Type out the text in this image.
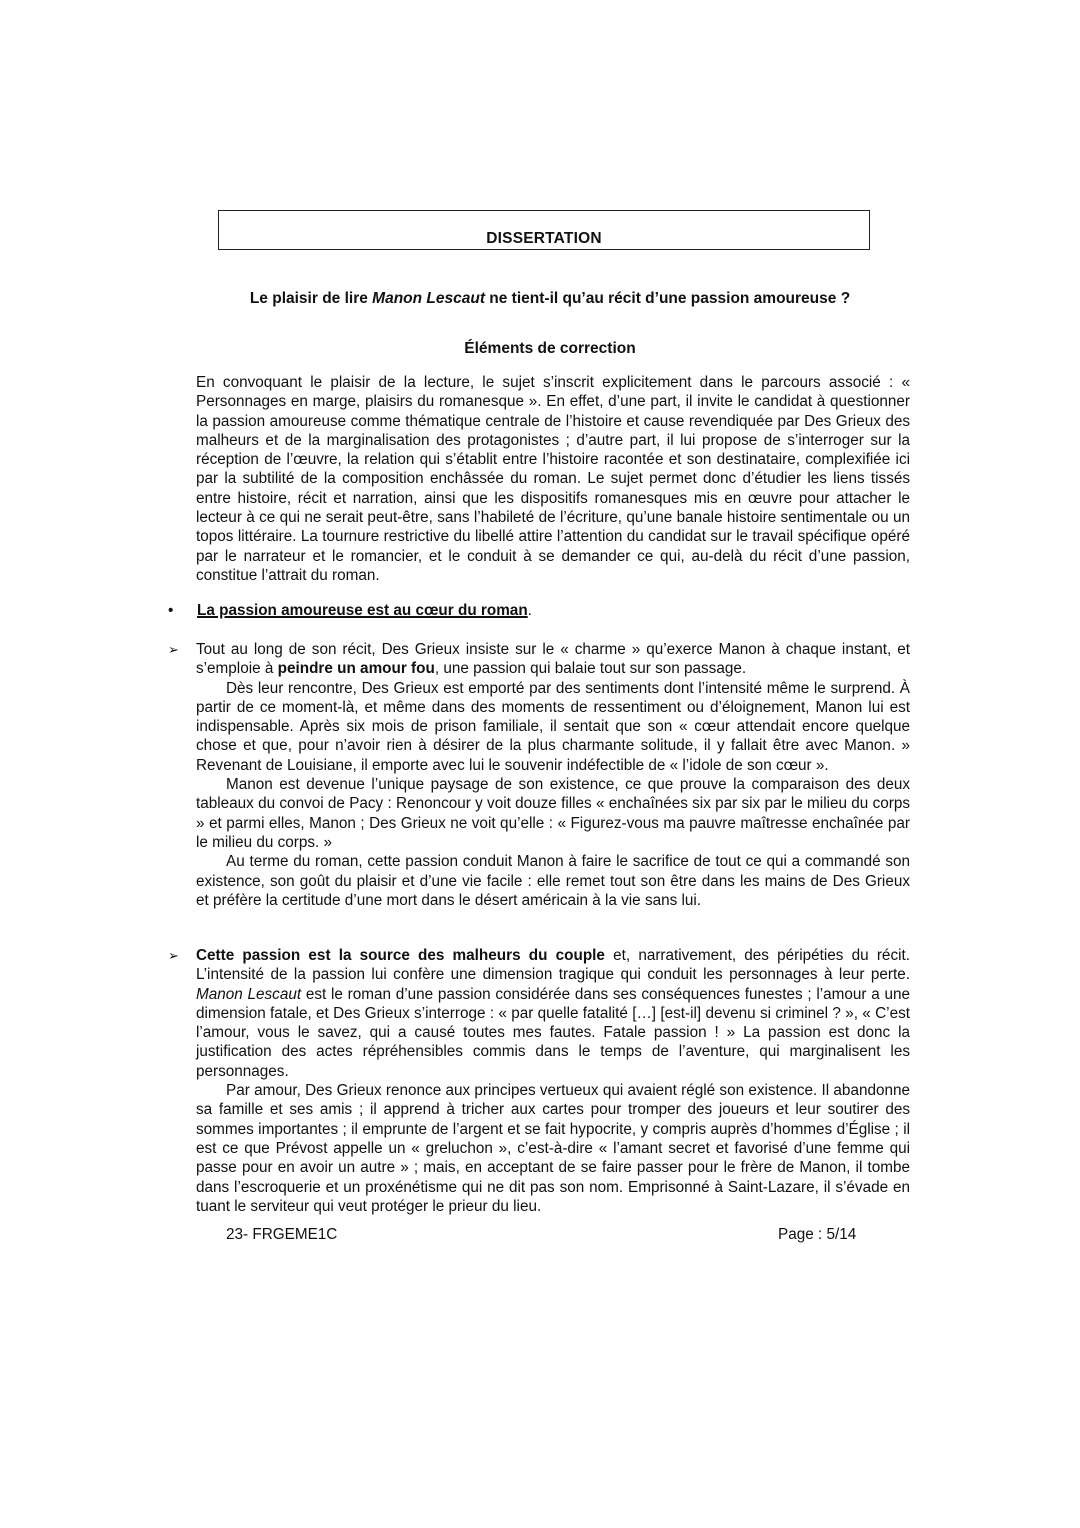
DISSERTATION
Le plaisir de lire Manon Lescaut ne tient-il qu’au récit d’une passion amoureuse ?
Éléments de correction

En convoquant le plaisir de la lecture, le sujet s’inscrit explicitement dans le parcours associé : « Personnages en marge, plaisirs du romanesque ». En effet, d’une part, il invite le candidat à questionner la passion amoureuse comme thématique centrale de l’histoire et cause revendiquée par Des Grieux des malheurs et de la marginalisation des protagonistes ; d’autre part, il lui propose de s’interroger sur la réception de l’œuvre, la relation qui s’établit entre l’histoire racontée et son destinataire, complexifiée ici par la subtilité de la composition enchâssée du roman. Le sujet permet donc d’étudier les liens tissés entre histoire, récit et narration, ainsi que les dispositifs romanesques mis en œuvre pour attacher le lecteur à ce qui ne serait peut-être, sans l’habileté de l’écriture, qu’une banale histoire sentimentale ou un topos littéraire. La tournure restrictive du libellé attire l’attention du candidat sur le travail spécifique opéré par le narrateur et le romancier, et le conduit à se demander ce qui, au-delà du récit d’une passion, constitue l’attrait du roman.

• La passion amoureuse est au cœur du roman.
➢	Tout au long de son récit, Des Grieux insiste sur le « charme » qu’exerce Manon à chaque instant, et s’emploie à peindre un amour fou, une passion qui balaie tout sur son passage.

Dès leur rencontre, Des Grieux est emporté par des sentiments dont l’intensité même le surprend. À partir de ce moment-là, et même dans des moments de ressentiment ou d’éloignement, Manon lui est indispensable. Après six mois de prison familiale, il sentait que son « cœur attendait encore quelque chose et que, pour n’avoir rien à désirer de la plus charmante solitude, il y fallait être avec Manon. » Revenant de Louisiane, il emporte avec lui le souvenir indéfectible de « l’idole de son cœur ».

Manon est devenue l’unique paysage de son existence, ce que prouve la comparaison des deux tableaux du convoi de Pacy : Renoncour y voit douze filles « enchaînées six par six par le milieu du corps » et parmi elles, Manon ; Des Grieux ne voit qu’elle : « Figurez-vous ma pauvre maîtresse enchaînée par le milieu du corps. »

Au terme du roman, cette passion conduit Manon à faire le sacrifice de tout ce qui a commandé son existence, son goût du plaisir et d’une vie facile : elle remet tout son être dans les mains de Des Grieux et préfère la certitude d’une mort dans le désert américain à la vie sans lui.

➢	Cette passion est la source des malheurs du couple et, narrativement, des péripéties du récit. L’intensité de la passion lui confère une dimension tragique qui conduit les personnages à leur perte. Manon Lescaut est le roman d’une passion considérée dans ses conséquences funestes ; l’amour a une dimension fatale, et Des Grieux s’interroge : « par quelle fatalité […] [est-il] devenu si criminel ? », « C’est l’amour, vous le savez, qui a causé toutes mes fautes. Fatale passion ! » La passion est donc la justification des actes répréhensibles commis dans le temps de l’aventure, qui marginalisent les personnages.

Par amour, Des Grieux renonce aux principes vertueux qui avaient réglé son existence. Il abandonne sa famille et ses amis ; il apprend à tricher aux cartes pour tromper des joueurs et leur soutirer des sommes importantes ; il emprunte de l’argent et se fait hypocrite, y compris auprès d’hommes d’Église ; il est ce que Prévost appelle un « greluchon », c’est-à-dire « l’amant secret et favorisé d’une femme qui passe pour en avoir un autre » ; mais, en acceptant de se faire passer pour le frère de Manon, il tombe dans l’escroquerie et un proxénétisme qui ne dit pas son nom. Emprisonné à Saint-Lazare, il s’évade en tuant le serviteur qui veut protéger le prieur du lieu.

23- FRGEME1C	Page : 5/14
